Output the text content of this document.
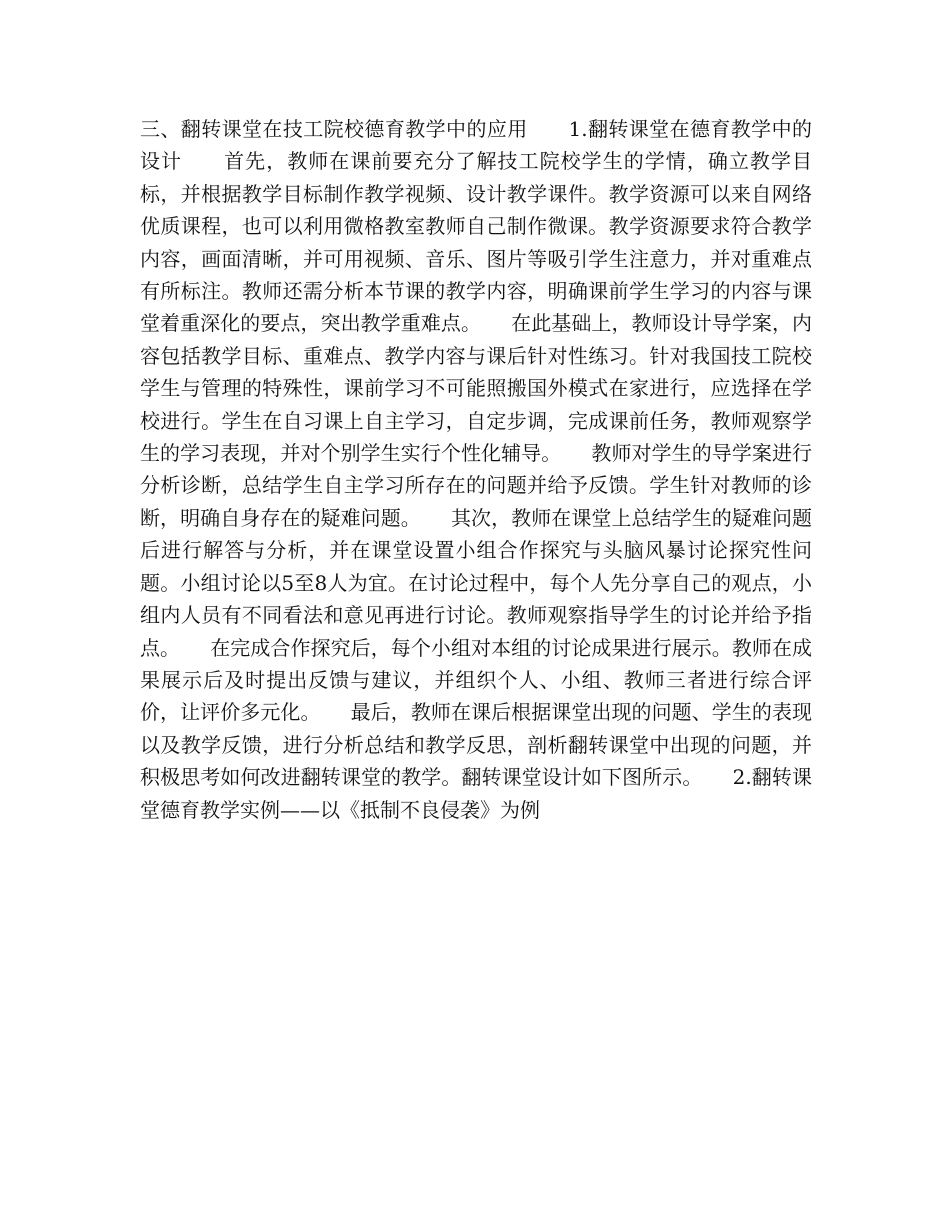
三、翻转课堂在技工院校德育教学中的应用　　1.翻转课堂在德育教学中的设计　　首先，教师在课前要充分了解技工院校学生的学情，确立教学目标，并根据教学目标制作教学视频、设计教学课件。教学资源可以来自网络优质课程，也可以利用微格教室教师自己制作微课。教学资源要求符合教学内容，画面清晰，并可用视频、音乐、图片等吸引学生注意力，并对重难点有所标注。教师还需分析本节课的教学内容，明确课前学生学习的内容与课堂着重深化的要点，突出教学重难点。　　在此基础上，教师设计导学案，内容包括教学目标、重难点、教学内容与课后针对性练习。针对我国技工院校学生与管理的特殊性，课前学习不可能照搬国外模式在家进行，应选择在学校进行。学生在自习课上自主学习，自定步调，完成课前任务，教师观察学生的学习表现，并对个别学生实行个性化辅导。　　教师对学生的导学案进行分析诊断，总结学生自主学习所存在的问题并给予反馈。学生针对教师的诊断，明确自身存在的疑难问题。　　其次，教师在课堂上总结学生的疑难问题后进行解答与分析，并在课堂设置小组合作探究与头脑风暴讨论探究性问题。小组讨论以5至8人为宜。在讨论过程中，每个人先分享自己的观点，小组内人员有不同看法和意见再进行讨论。教师观察指导学生的讨论并给予指点。　　在完成合作探究后，每个小组对本组的讨论成果进行展示。教师在成果展示后及时提出反馈与建议，并组织个人、小组、教师三者进行综合评价，让评价多元化。　　最后，教师在课后根据课堂出现的问题、学生的表现以及教学反馈，进行分析总结和教学反思，剖析翻转课堂中出现的问题，并积极思考如何改进翻转课堂的教学。翻转课堂设计如下图所示。　　2.翻转课堂德育教学实例——以《抵制不良侵袭》为例
